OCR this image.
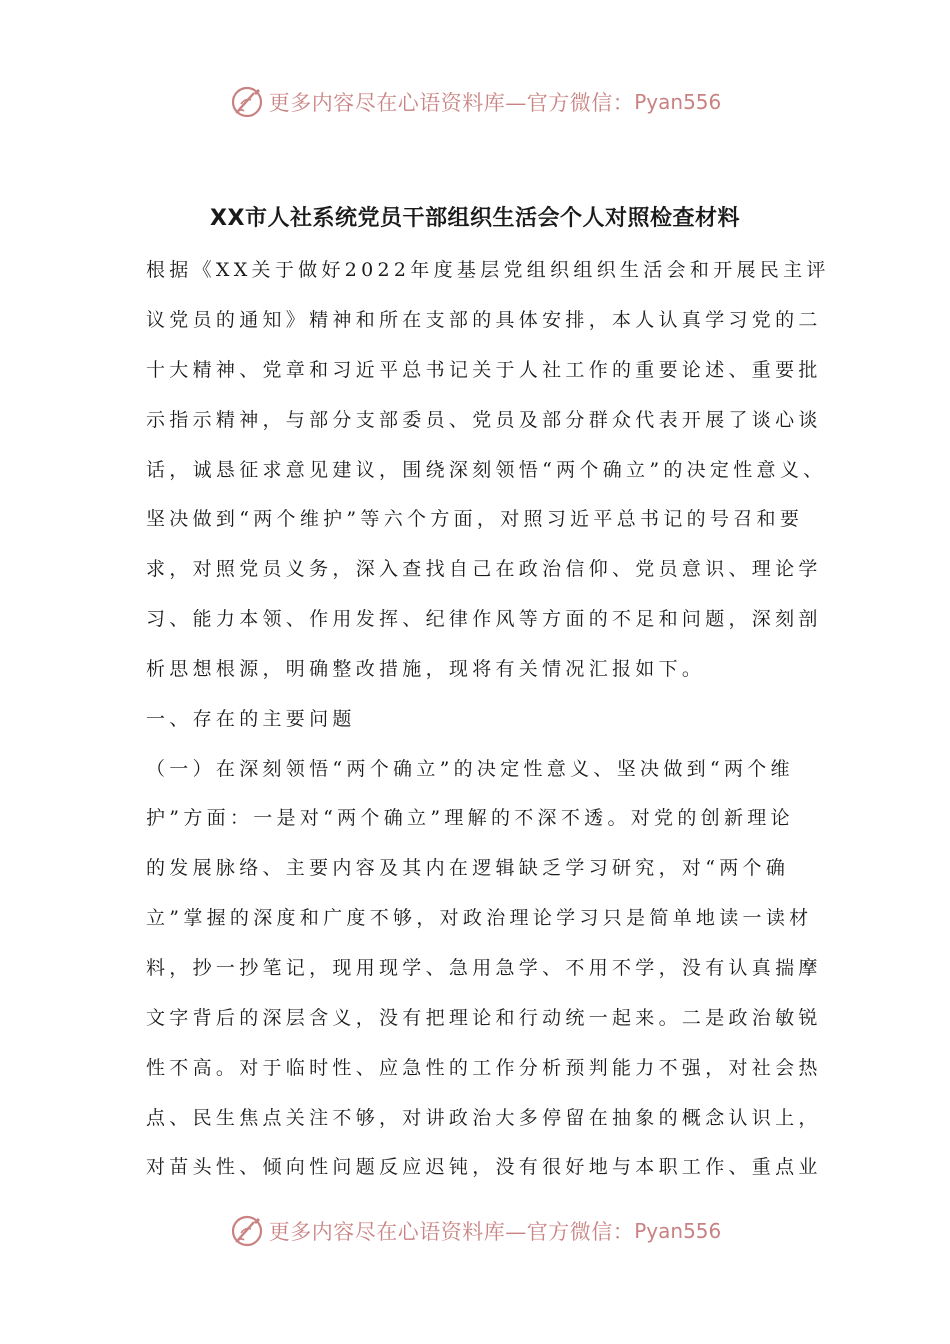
更多内容尽在心语资料库—官方微信： Pyan556
XX市人社系统党员干部组织生活会个人对照检查材料

根据《XX关于做好2022年度基层党组织组织生活会和开展民主评

议党员的通知》精神和所在支部的具体安排，本人认真学习党的二

十大精神、党章和习近平总书记关于人社工作的重要论述、重要批

示指示精神，与部分支部委员、党员及部分群众代表开展了谈心谈

话，诚恳征求意见建议，围绕深刻领悟“两个确立”的决定性意义、

坚决做到“两个维护”等六个方面，对照习近平总书记的号召和要

求，对照党员义务，深入查找自己在政治信仰、党员意识、理论学

习、能力本领、作用发挥、纪律作风等方面的不足和问题，深刻剖

析思想根源，明确整改措施，现将有关情况汇报如下。

一、存在的主要问题

（一）在深刻领悟“两个确立”的决定性意义、坚决做到“两个维

护”方面：一是对“两个确立”理解的不深不透。对党的创新理论

的发展脉络、主要内容及其内在逻辑缺乏学习研究，对“两个确

立”掌握的深度和广度不够，对政治理论学习只是简单地读一读材

料，抄一抄笔记，现用现学、急用急学、不用不学，没有认真揣摩

文字背后的深层含义，没有把理论和行动统一起来。二是政治敏锐

性不高。对于临时性、应急性的工作分析预判能力不强，对社会热

点、民生焦点关注不够，对讲政治大多停留在抽象的概念认识上，

对苗头性、倾向性问题反应迟钝，没有很好地与本职工作、重点业

更多内容尽在心语资料库—官方微信： Pyan556
